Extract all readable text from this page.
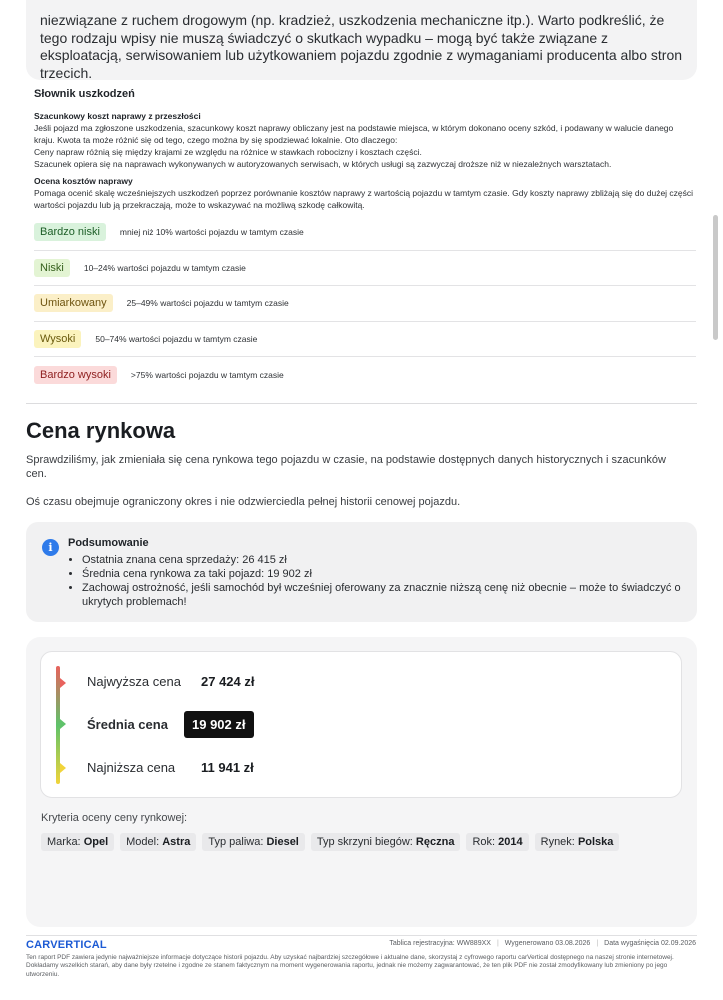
niezwiązane z ruchem drogowym (np. kradzież, uszkodzenia mechaniczne itp.). Warto podkreślić, że tego rodzaju wpisy nie muszą świadczyć o skutkach wypadku – mogą być także związane z eksploatacją, serwisowaniem lub użytkowaniem pojazdu zgodnie z wymaganiami producenta albo stron trzecich.

Słownik uszkodzeń
Szacunkowy koszt naprawy z przeszłości
Jeśli pojazd ma zgłoszone uszkodzenia, szacunkowy koszt naprawy obliczany jest na podstawie miejsca, w którym dokonano oceny szkód, i podawany w walucie danego kraju. Kwota ta może różnić się od tego, czego można by się spodziewać lokalnie. Oto dlaczego:
Ceny napraw różnią się między krajami ze względu na różnice w stawkach robocizny i kosztach części.
Szacunek opiera się na naprawach wykonywanych w autoryzowanych serwisach, w których usługi są zazwyczaj droższe niż w niezależnych warsztatach.
Ocena kosztów naprawy
Pomaga ocenić skalę wcześniejszych uszkodzeń poprzez porównanie kosztów naprawy z wartością pojazdu w tamtym czasie. Gdy koszty naprawy zbliżają się do dużej części wartości pojazdu lub ją przekraczają, może to wskazywać na możliwą szkodę całkowitą.
Bardzo niski	mniej niż 10% wartości pojazdu w tamtym czasie
Niski	10–24% wartości pojazdu w tamtym czasie
Umiarkowany	25–49% wartości pojazdu w tamtym czasie
Wysoki	50–74% wartości pojazdu w tamtym czasie
Bardzo wysoki	>75% wartości pojazdu w tamtym czasie
Cena rynkowa

Sprawdziliśmy, jak zmieniała się cena rynkowa tego pojazdu w czasie, na podstawie dostępnych danych historycznych i szacunków cen.

Oś czasu obejmuje ograniczony okres i nie odzwierciedla pełnej historii cenowej pojazdu.

i	Podsumowanie
• Ostatnia znana cena sprzedaży: 26 415 zł
• Średnia cena rynkowa za taki pojazd: 19 902 zł
• Zachowaj ostrożność, jeśli samochód był wcześniej oferowany za znacznie niższą cenę niż obecnie – może to świadczyć o ukrytych problemach!
Najwyższa cena	27 424 zł
Średnia cena	19 902 zł
Najniższa cena	11 941 zł
Kryteria oceny ceny rynkowej:
Marka: Opel	Model: Astra	Typ paliwa: Diesel	Typ skrzyni biegów: Ręczna	Rok: 2014	Rynek: Polska
CARVERTICAL	Tablica rejestracyjna: WW889XX | Wygenerowano 03.08.2026 | Data wygaśnięcia 02.09.2026
Ten raport PDF zawiera jedynie najważniejsze informacje dotyczące historii pojazdu. Aby uzyskać najbardziej szczegółowe i aktualne dane, skorzystaj z cyfrowego raportu carVertical dostępnego na naszej stronie internetowej. Dokładamy wszelkich starań, aby dane były rzetelne i zgodne ze stanem faktycznym na moment wygenerowania raportu, jednak nie możemy zagwarantować, że ten plik PDF nie został zmodyfikowany lub zmieniony po jego utworzeniu.
